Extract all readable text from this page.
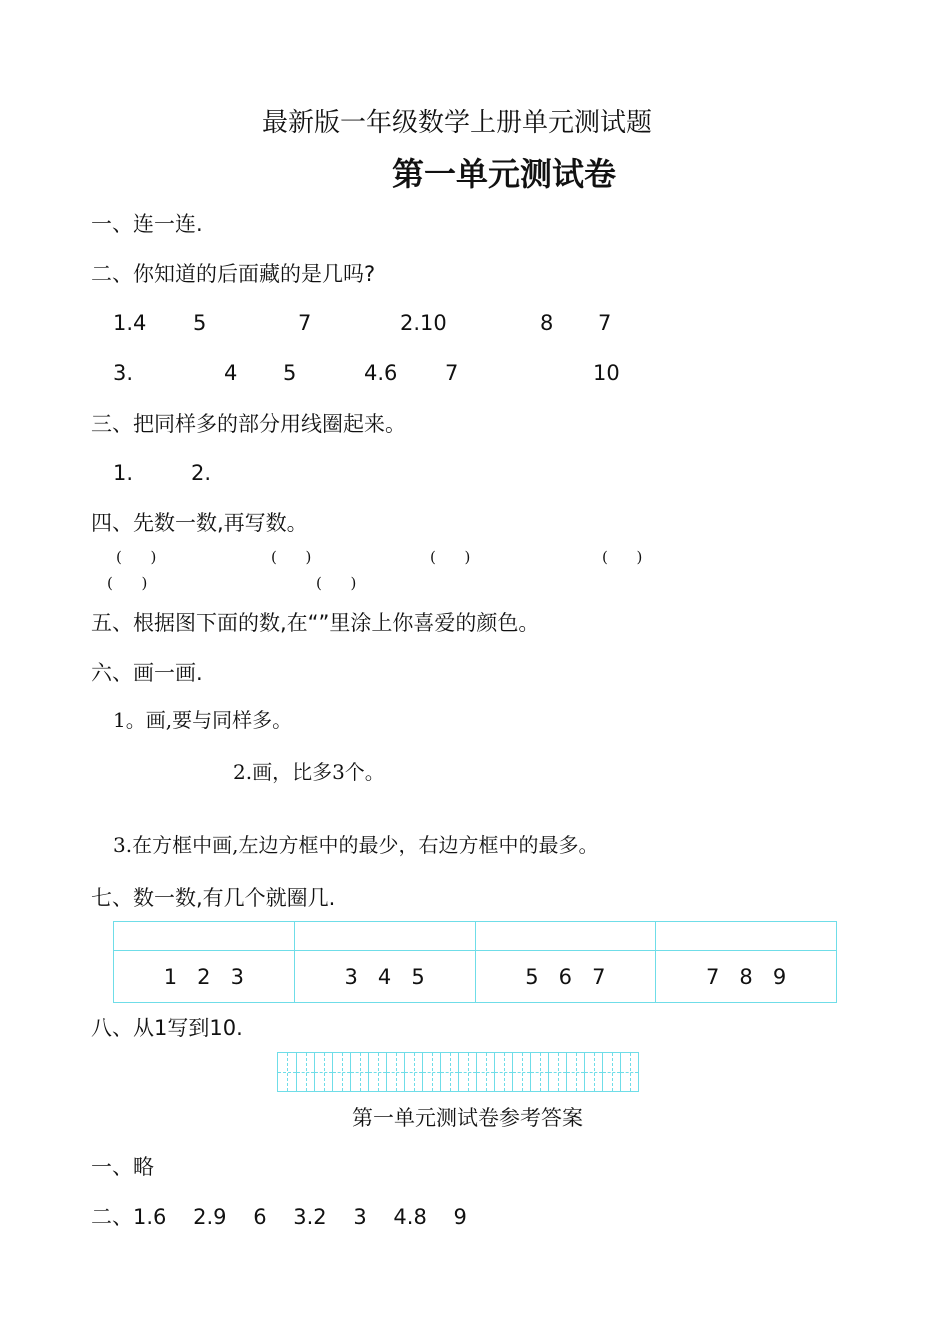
最新版一年级数学上册单元测试题
第一单元测试卷
一、连一连.
二、你知道的后面藏的是几吗?
1.4 5	7	2.10	8 7
3.	4 5	4.6 7	10
三、把同样多的部分用线圈起来。
1.	2.
四、先数一数,再写数。
(      )	(      )	(      )	(      )
(      )	(      )
五、根据图下面的数,在“”里涂上你喜爱的颜色。
六、画一画.
1。画,要与同样多。
2.画，比多3个。
3.在方框中画,左边方框中的最少，右边方框中的最多。
七、数一数,有几个就圈几.

1   2   3	3   4   5	5   6   7	7   8   9
八、从1写到10.
第一单元测试卷参考答案
一、略
二、1.6    2.9    6    3.2    3    4.8    9
